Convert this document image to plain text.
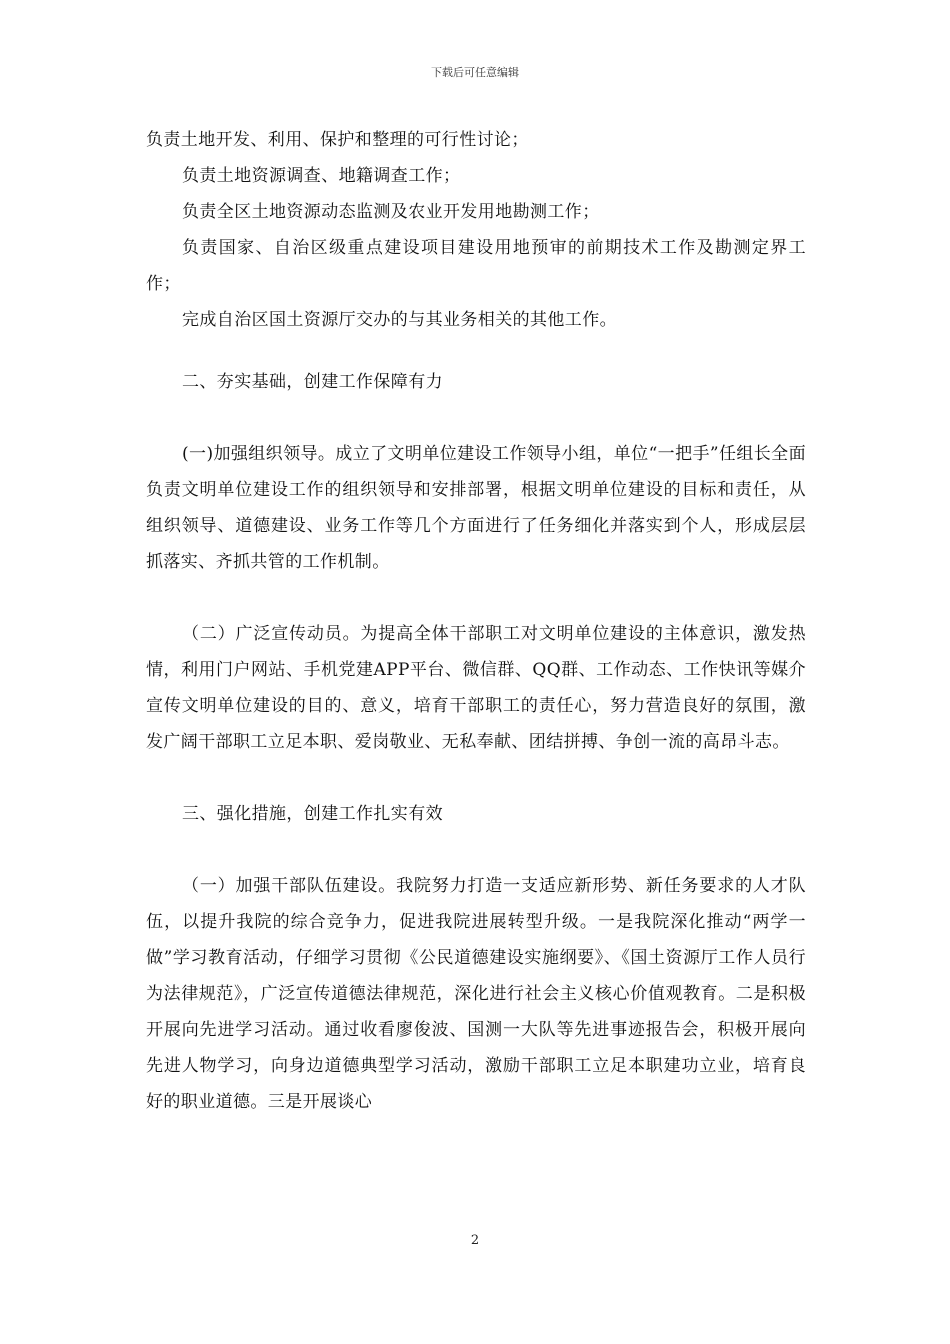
下载后可任意编辑

负责土地开发、利用、保护和整理的可行性讨论；

负责土地资源调查、地籍调查工作；

负责全区土地资源动态监测及农业开发用地勘测工作；

负责国家、自治区级重点建设项目建设用地预审的前期技术工作及勘测定界工作；

完成自治区国土资源厅交办的与其业务相关的其他工作。

二、夯实基础，创建工作保障有力

(一)加强组织领导。成立了文明单位建设工作领导小组，单位“一把手”任组长全面负责文明单位建设工作的组织领导和安排部署，根据文明单位建设的目标和责任，从组织领导、道德建设、业务工作等几个方面进行了任务细化并落实到个人，形成层层抓落实、齐抓共管的工作机制。

（二）广泛宣传动员。为提高全体干部职工对文明单位建设的主体意识，激发热情，利用门户网站、手机党建APP平台、微信群、QQ群、工作动态、工作快讯等媒介宣传文明单位建设的目的、意义，培育干部职工的责任心，努力营造良好的氛围，激发广阔干部职工立足本职、爱岗敬业、无私奉献、团结拼搏、争创一流的高昂斗志。

三、强化措施，创建工作扎实有效

（一）加强干部队伍建设。我院努力打造一支适应新形势、新任务要求的人才队伍，以提升我院的综合竞争力，促进我院进展转型升级。一是我院深化推动“两学一做”学习教育活动，仔细学习贯彻《公民道德建设实施纲要》、《国土资源厅工作人员行为法律规范》，广泛宣传道德法律规范，深化进行社会主义核心价值观教育。二是积极开展向先进学习活动。通过收看廖俊波、国测一大队等先进事迹报告会，积极开展向先进人物学习，向身边道德典型学习活动，激励干部职工立足本职建功立业，培育良好的职业道德。三是开展谈心

2
